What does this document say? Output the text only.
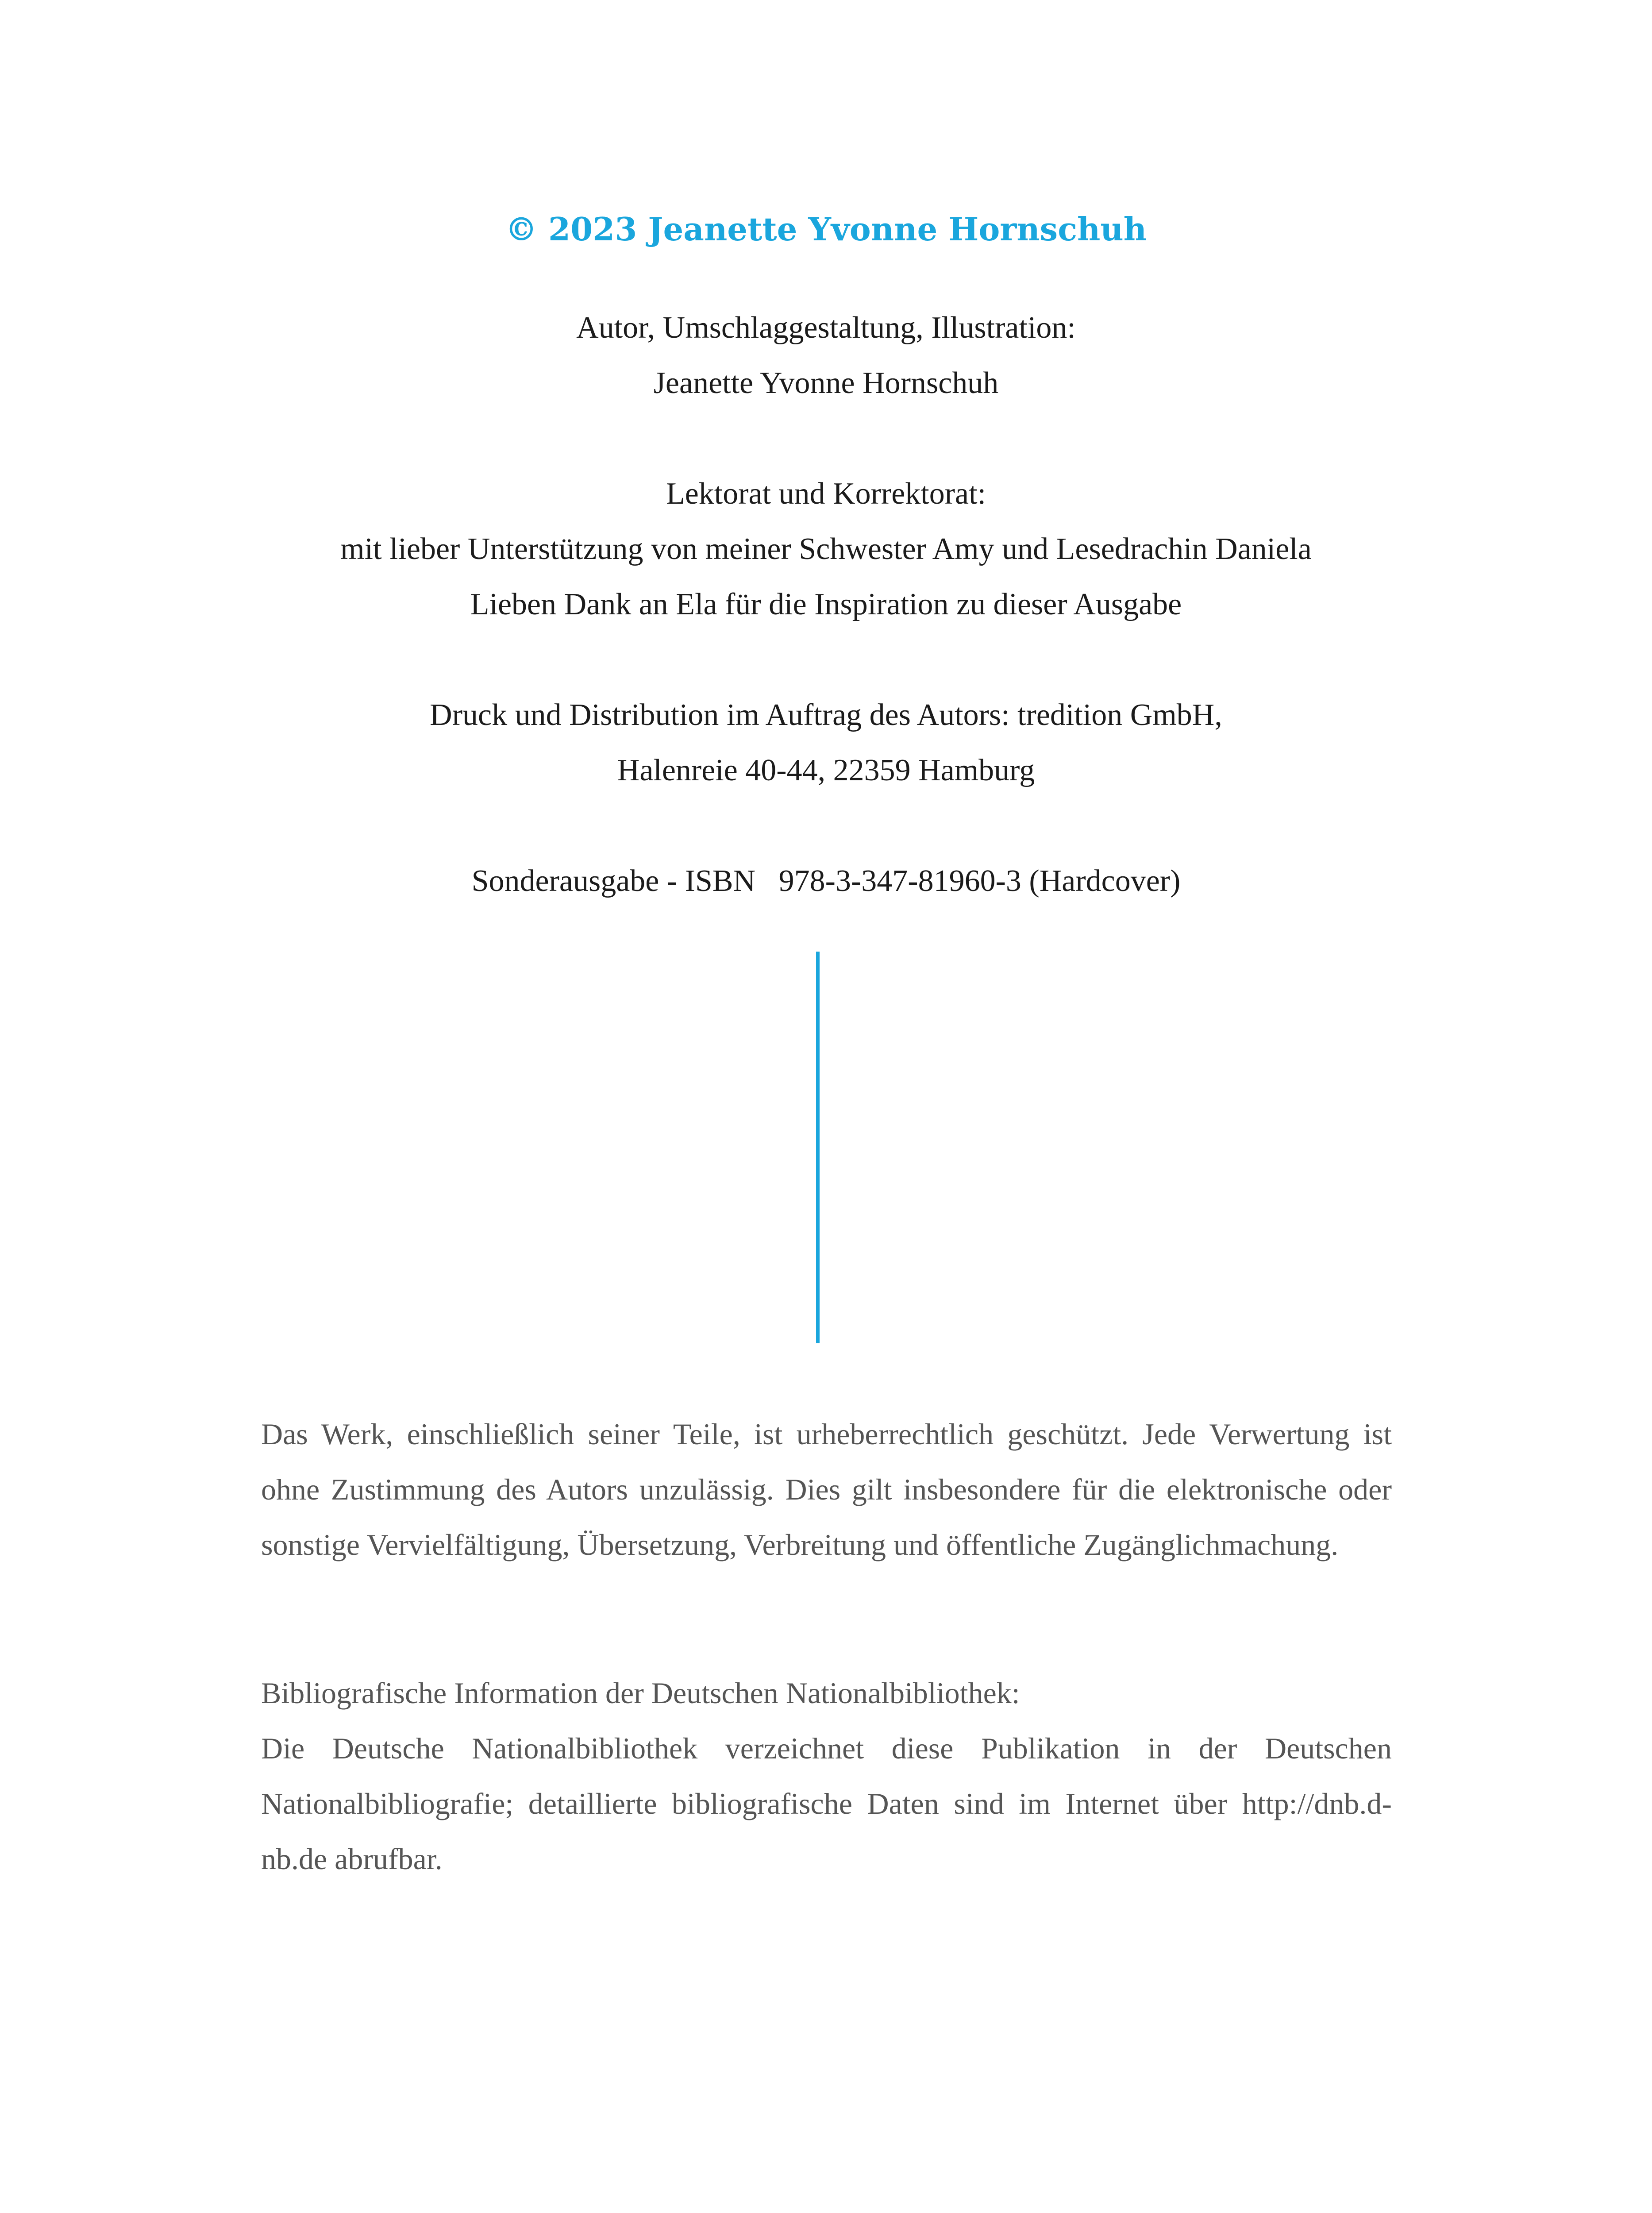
© 2023 Jeanette Yvonne Hornschuh
Autor, Umschlaggestaltung, Illustration:
Jeanette Yvonne Hornschuh
Lektorat und Korrektorat:
mit lieber Unterstützung von meiner Schwester Amy und Lesedrachin Daniela
Lieben Dank an Ela für die Inspiration zu dieser Ausgabe
Druck und Distribution im Auftrag des Autors: tredition GmbH,
Halenreie 40-44, 22359 Hamburg
Sonderausgabe - ISBN   978-3-347-81960-3 (Hardcover)
Das Werk, einschließlich seiner Teile, ist urheberrechtlich geschützt. Jede Verwertung ist ohne Zustimmung des Autors unzulässig. Dies gilt insbesondere für die elektronische oder sonstige Vervielfältigung, Übersetzung, Verbreitung und öffentliche Zugänglichmachung.
Bibliografische Information der Deutschen Nationalbibliothek:
Die Deutsche Nationalbibliothek verzeichnet diese Publikation in der Deutschen Nationalbibliografie; detaillierte bibliografische Daten sind im Internet über http://dnb.d-nb.de abrufbar.
